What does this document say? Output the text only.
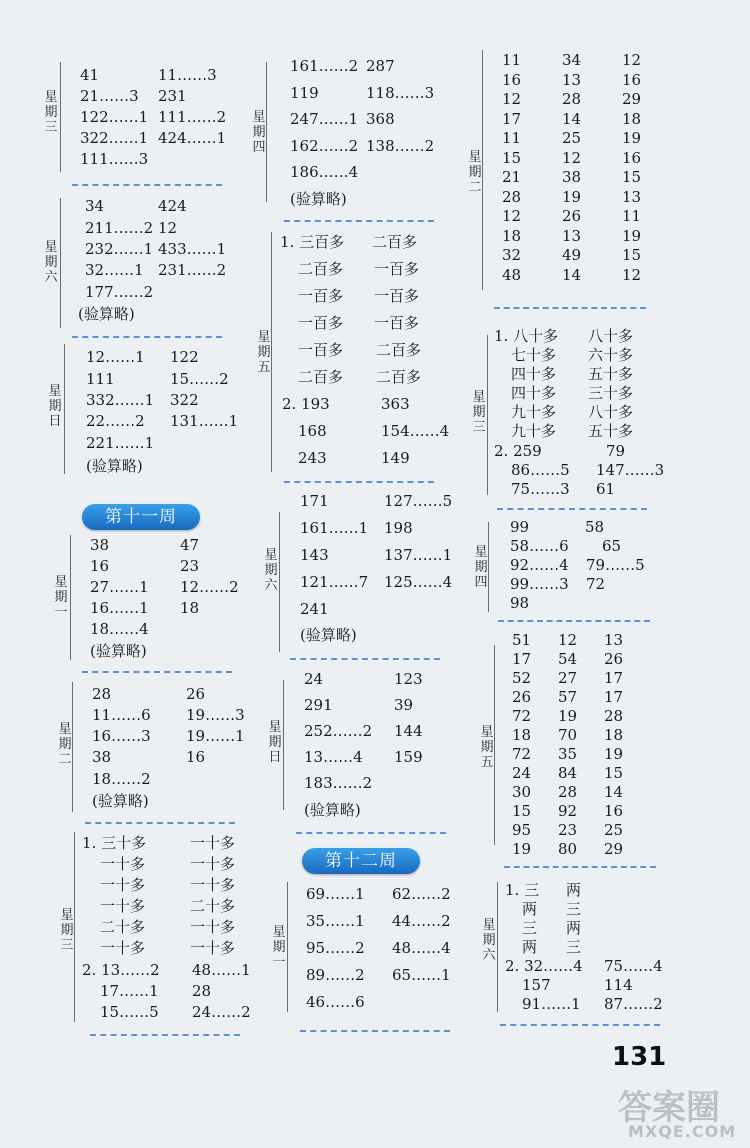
星期三
41	11……3
21……3 231
122……1 111……2
322……1 424……1
111……3
星期六
34	424
211……2 12
232……1 433……1
32……1 231……2
177……2
(验算略)
星期日
12……1 122
111	15……2
332……1 322
22……2 131……1
221……1
(验算略)
第十一周
星期一
38	47
16	23
27……1 12……2
16……1 18
18……4
(验算略)
星期二
28	26
11……6 19……3
16……3 19……1
38	16
18……2
(验算略)
星期三
1. 三十多	一十多
一十多	一十多
一十多	一十多
一十多	二十多
二十多	一十多
一十多	一十多
2. 13……2 48……1
17……1 28
15……5 24……2
星期四
161……2 287
119	118……3
247……1 368
162……2 138……2
186……4
(验算略)
星期五
1. 三百多 二百多
二百多 一百多
一百多 一百多
一百多 一百多
一百多 二百多
二百多 二百多
2. 193	363
168	154……4
243	149
星期六
171	127……5
161……1 198
143	137……1
121……7 125……4
241
(验算略)
星期日
24	123
291	39
252……2 144
13……4 159
183……2
(验算略)
第十二周
星期一
69……1 62……2
35……1 44……2
95……2 48……4
89……2 65……1
46……6
星期二
11	34	12
16	13	16
12	28	29
17	14	18
11	25	19
15	12	16
21	38	15
28	19	13
12	26	11
18	13	19
32	49	15
48	14	12
星期三
1. 八十多 八十多
七十多 六十多
四十多 五十多
四十多 三十多
九十多 八十多
九十多 五十多
2. 259	79
86……5 147……3
75……3 61
星期四
99	58
58……6 65
92……4 79……5
99……3 72
98
星期五
51 12 13
17 54 26
52 27 17
26 57 17
72 19 28
18 70 18
72 35 19
24 84 15
30 28 14
15 92 16
95 23 25
19 80 29
星期六
1. 三 两
两 三
三 两
两 三
2. 32……4 75……4
157	114
91……1 87……2
131
答案圈
MXQE.COM
